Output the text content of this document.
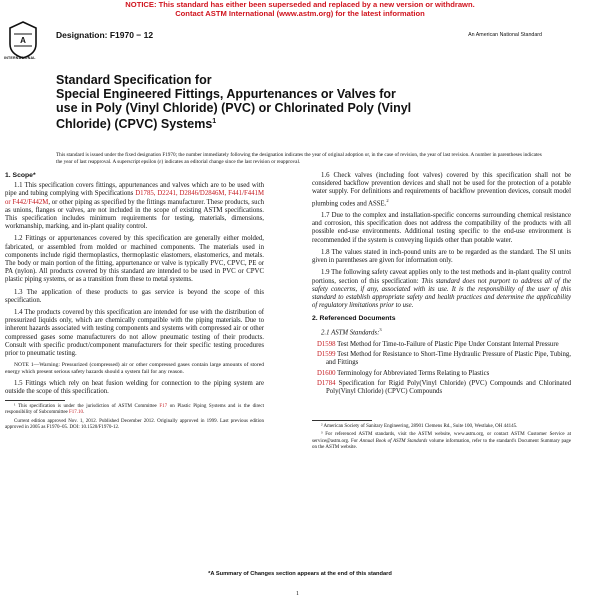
NOTICE: This standard has either been superseded and replaced by a new version or withdrawn.
Contact ASTM International (www.astm.org) for the latest information
A
INTERNATIONAL
Designation: F1970 − 12	An American National Standard
Standard Specification for
Special Engineered Fittings, Appurtenances or Valves for
use in Poly (Vinyl Chloride) (PVC) or Chlorinated Poly (Vinyl
Chloride) (CPVC) Systems$^1$
This standard is issued under the fixed designation F1970; the number immediately following the designation indicates the year of original adoption or, in the case of revision, the year of last revision. A number in parentheses indicates the year of last reapproval. A superscript epsilon (ε) indicates an editorial change since the last revision or reapproval.
1. Scope*

1.1 This specification covers fittings, appurtenances and valves which are to be used with pipe and tubing complying with Specifications D1785, D2241, D2846/D2846M, F441/F441M or F442/F442M, or other piping as specified by the fittings manufacturer. These products, such as unions, flanges or valves, are not included in the scope of existing ASTM specifications. This specification includes minimum requirements for testing, materials, dimensions, workmanship, marking, and in-plant quality control.

1.2 Fittings or appurtenances covered by this specification are generally either molded, fabricated, or assembled from molded or machined components. The materials used in components include rigid thermoplastics, thermoplastic elastomers, elastomerics, and metals. The body or main portion of the fitting, appurtenance or valve is typically PVC, CPVC, PE or PA (nylon). All products covered by this standard are intended to be used in PVC or CPVC plastic piping systems, or as a transition from these to metal systems.

1.3 The application of these products to gas service is beyond the scope of this specification.

1.4 The products covered by this specification are intended for use with the distribution of pressurized liquids only, which are chemically compatible with the piping materials. Due to inherent hazards associated with testing components and systems with compressed air or other compressed gases some manufacturers do not allow pneumatic testing of their products. Consult with specific product/component manufacturers for their specific testing procedures prior to pneumatic testing.

NOTE 1—Warning: Pressurized (compressed) air or other compressed gases contain large amounts of stored energy which present serious safety hazards should a system fail for any reason.

1.5 Fittings which rely on heat fusion welding for connection to the piping system are outside the scope of this specification.

¹ This specification is under the jurisdiction of ASTM Committee F17 on Plastic Piping Systems and is the direct responsibility of Subcommittee F17.10.

Current edition approved Nov. 1, 2012. Published December 2012. Originally approved in 1999. Last previous edition approved in 2005 as F1970–05. DOI: 10.1520/F1970-12.

1.6 Check valves (including foot valves) covered by this specification shall not be considered backflow prevention devices and shall not be used for the protection of a potable water supply. For definitions and requirements of backflow prevention devices, consult model plumbing codes and ASSE.$^2$

1.7 Due to the complex and installation-specific concerns surrounding chemical resistance and corrosion, this specification does not address the compatibility of the products with all possible end-use environments. Additional testing specific to the end-use environment is recommended if the system is conveying liquids other than potable water.

1.8 The values stated in inch-pound units are to be regarded as the standard. The SI units given in parentheses are given for information only.

1.9 The following safety caveat applies only to the test methods and in-plant quality control portions, section of this specification: This standard does not purport to address all of the safety concerns, if any, associated with its use. It is the responsibility of the user of this standard to establish appropriate safety and health practices and determine the applicability of regulatory limitations prior to use.

2. Referenced Documents

2.1 ASTM Standards:$^3$

D1598 Test Method for Time-to-Failure of Plastic Pipe Under Constant Internal Pressure
D1599 Test Method for Resistance to Short-Time Hydraulic Pressure of Plastic Pipe, Tubing, and Fittings
D1600 Terminology for Abbreviated Terms Relating to Plastics
D1784 Specification for Rigid Poly(Vinyl Chloride) (PVC) Compounds and Chlorinated Poly(Vinyl Chloride) (CPVC) Compounds

² American Society of Sanitary Engineering, 28901 Clemens Rd., Suite 100, Westlake, OH 44145.

³ For referenced ASTM standards, visit the ASTM website, www.astm.org, or contact ASTM Customer Service at service@astm.org. For Annual Book of ASTM Standards volume information, refer to the standard's Document Summary page on the ASTM website.

*A Summary of Changes section appears at the end of this standard
1
